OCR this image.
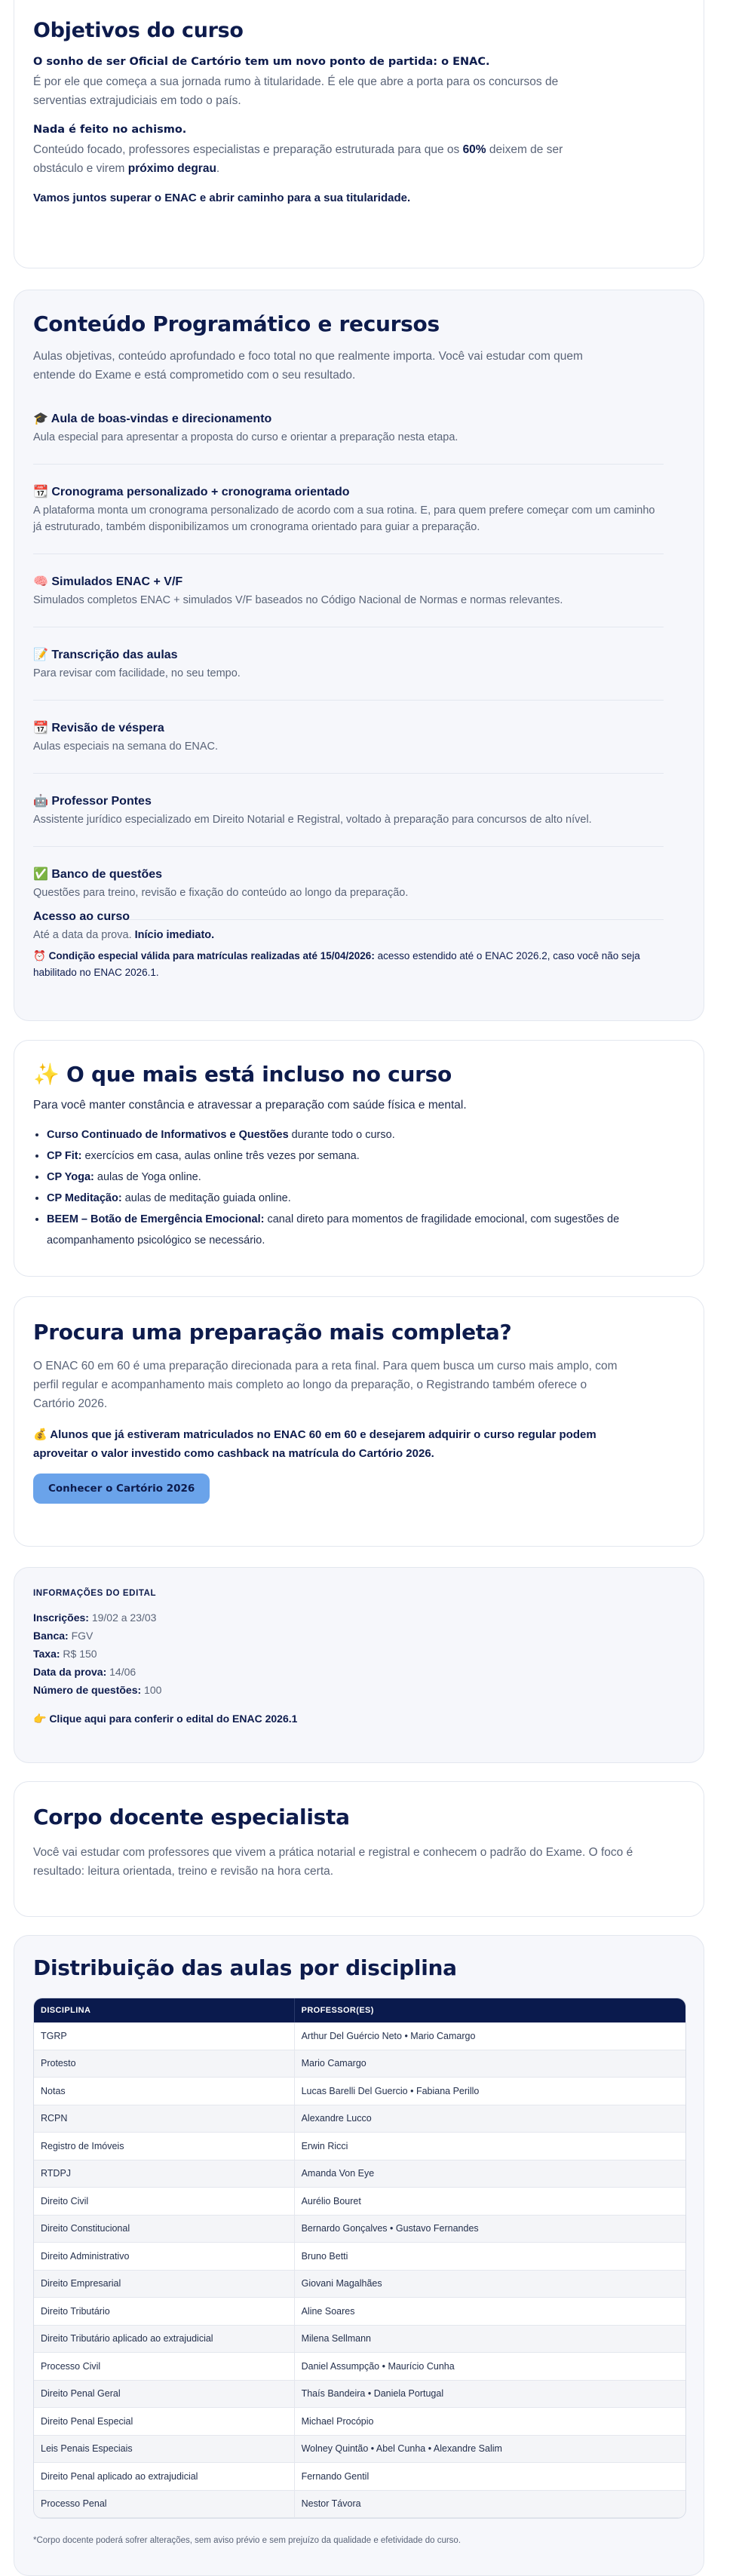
Objetivos do curso

O sonho de ser Oficial de Cartório tem um novo ponto de partida: o ENAC.

É por ele que começa a sua jornada rumo à titularidade. É ele que abre a porta para os concursos de serventias extrajudiciais em todo o país.

Nada é feito no achismo.

Conteúdo focado, professores especialistas e preparação estruturada para que os 60% deixem de ser obstáculo e virem próximo degrau.

Vamos juntos superar o ENAC e abrir caminho para a sua titularidade.

Conteúdo Programático e recursos

Aulas objetivas, conteúdo aprofundado e foco total no que realmente importa. Você vai estudar com quem entende do Exame e está comprometido com o seu resultado.

🎓 Aula de boas-vindas e direcionamento

Aula especial para apresentar a proposta do curso e orientar a preparação nesta etapa.

📆 Cronograma personalizado + cronograma orientado

A plataforma monta um cronograma personalizado de acordo com a sua rotina. E, para quem prefere começar com um caminho já estruturado, também disponibilizamos um cronograma orientado para guiar a preparação.

🧠 Simulados ENAC + V/F

Simulados completos ENAC + simulados V/F baseados no Código Nacional de Normas e normas relevantes.

📝 Transcrição das aulas

Para revisar com facilidade, no seu tempo.

📆 Revisão de véspera

Aulas especiais na semana do ENAC.

🤖 Professor Pontes

Assistente jurídico especializado em Direito Notarial e Registral, voltado à preparação para concursos de alto nível.

✅ Banco de questões

Questões para treino, revisão e fixação do conteúdo ao longo da preparação.

Acesso ao curso

Até a data da prova. Início imediato.

⏰ Condição especial válida para matrículas realizadas até 15/04/2026: acesso estendido até o ENAC 2026.2, caso você não seja habilitado no ENAC 2026.1.

✨ O que mais está incluso no curso

Para você manter constância e atravessar a preparação com saúde física e mental.

• Curso Continuado de Informativos e Questões durante todo o curso.
• CP Fit: exercícios em casa, aulas online três vezes por semana.
• CP Yoga: aulas de Yoga online.
• CP Meditação: aulas de meditação guiada online.
• BEEM – Botão de Emergência Emocional: canal direto para momentos de fragilidade emocional, com sugestões de acompanhamento psicológico se necessário.
Procura uma preparação mais completa?

O ENAC 60 em 60 é uma preparação direcionada para a reta final. Para quem busca um curso mais amplo, com perfil regular e acompanhamento mais completo ao longo da preparação, o Registrando também oferece o Cartório 2026.

💰 Alunos que já estiveram matriculados no ENAC 60 em 60 e desejarem adquirir o curso regular podem aproveitar o valor investido como cashback na matrícula do Cartório 2026.

Conhecer o Cartório 2026

INFORMAÇÕES DO EDITAL

Inscrições: 19/02 a 23/03

Banca: FGV

Taxa: R$ 150

Data da prova: 14/06

Número de questões: 100

👉 Clique aqui para conferir o edital do ENAC 2026.1

Corpo docente especialista

Você vai estudar com professores que vivem a prática notarial e registral e conhecem o padrão do Exame. O foco é resultado: leitura orientada, treino e revisão na hora certa.

Distribuição das aulas por disciplina
DISCIPLINA	PROFESSOR(ES)
TGRP	Arthur Del Guércio Neto • Mario Camargo
Protesto	Mario Camargo
Notas	Lucas Barelli Del Guercio • Fabiana Perillo
RCPN	Alexandre Lucco
Registro de Imóveis	Erwin Ricci
RTDPJ	Amanda Von Eye
Direito Civil	Aurélio Bouret
Direito Constitucional	Bernardo Gonçalves • Gustavo Fernandes
Direito Administrativo	Bruno Betti
Direito Empresarial	Giovani Magalhães
Direito Tributário	Aline Soares
Direito Tributário aplicado ao extrajudicial	Milena Sellmann
Processo Civil	Daniel Assumpção • Maurício Cunha
Direito Penal Geral	Thaís Bandeira • Daniela Portugal
Direito Penal Especial	Michael Procópio
Leis Penais Especiais	Wolney Quintão • Abel Cunha • Alexandre Salim
Direito Penal aplicado ao extrajudicial	Fernando Gentil
Processo Penal	Nestor Távora

*Corpo docente poderá sofrer alterações, sem aviso prévio e sem prejuízo da qualidade e efetividade do curso.
